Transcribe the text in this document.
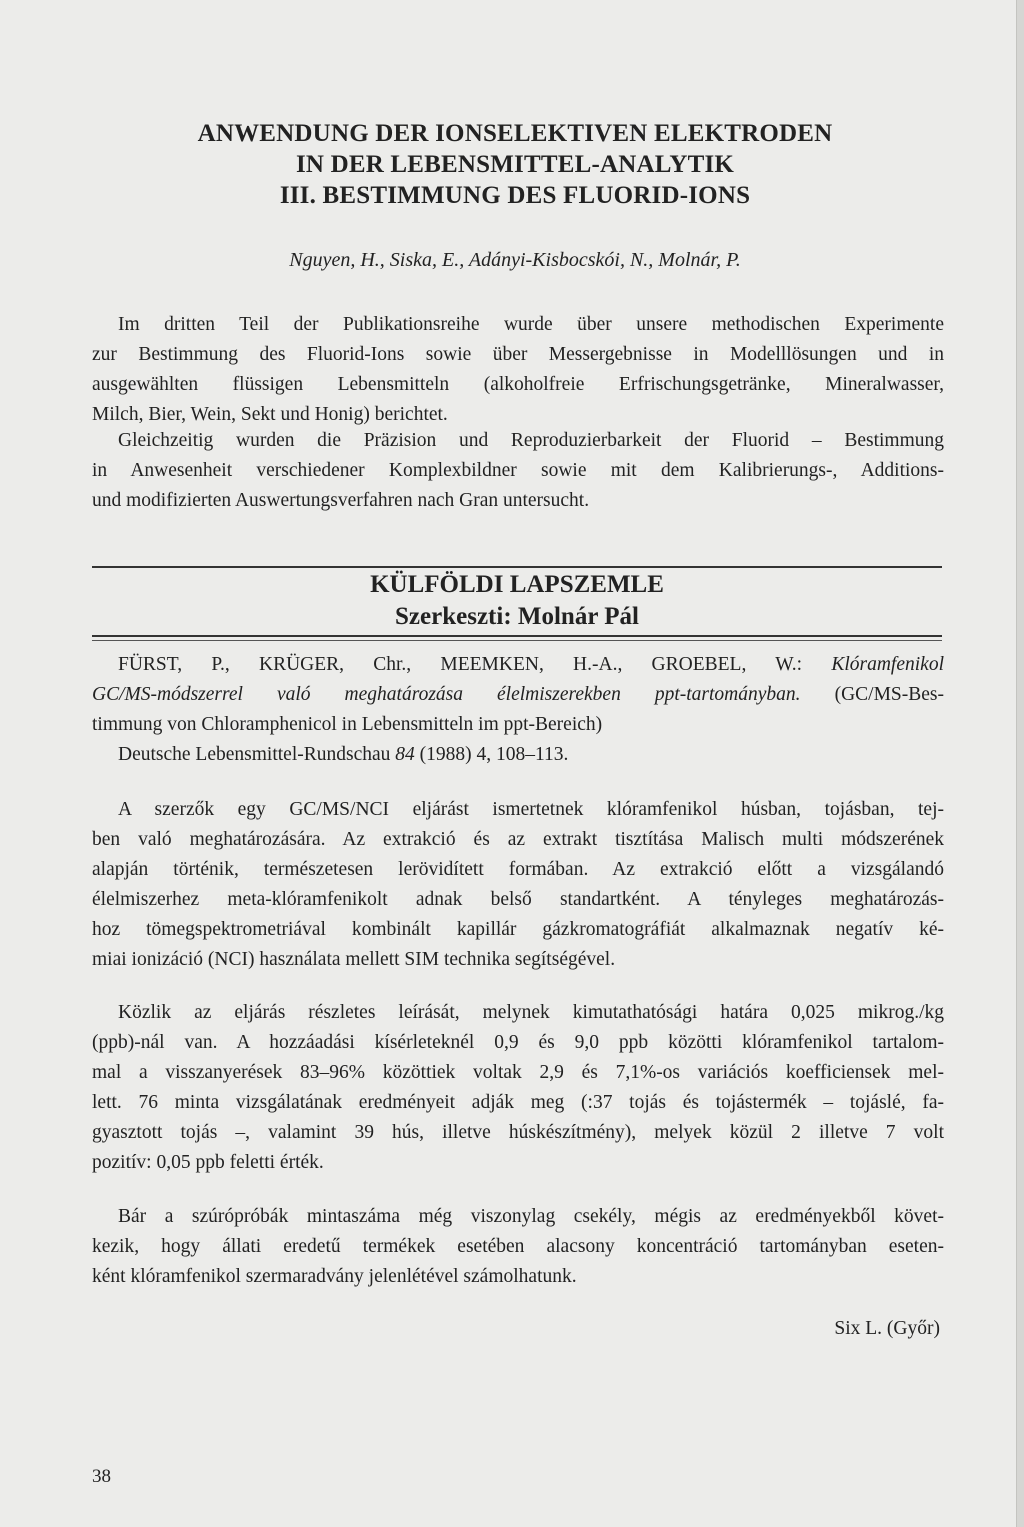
ANWENDUNG DER IONSELEKTIVEN ELEKTRODEN
IN DER LEBENSMITTEL-ANALYTIK
III. BESTIMMUNG DES FLUORID-IONS
Nguyen, H., Siska, E., Adányi-Kisbocskói, N., Molnár, P.
Im dritten Teil der Publikationsreihe wurde über unsere methodischen Experimente
zur Bestimmung des Fluorid-Ions sowie über Messergebnisse in Modelllösungen und in
ausgewählten flüssigen Lebensmitteln (alkoholfreie Erfrischungsgetränke, Mineralwasser,
Milch, Bier, Wein, Sekt und Honig) berichtet.
Gleichzeitig wurden die Präzision und Reproduzierbarkeit der Fluorid – Bestimmung
in Anwesenheit verschiedener Komplexbildner sowie mit dem Kalibrierungs-, Additions-
und modifizierten Auswertungsverfahren nach Gran untersucht.
KÜLFÖLDI LAPSZEMLE
Szerkeszti: Molnár Pál
FÜRST, P., KRÜGER, Chr., MEEMKEN, H.-A., GROEBEL, W.: Klóramfenikol
GC/MS-módszerrel való meghatározása élelmiszerekben ppt-tartományban. (GC/MS-Bes-
timmung von Chloramphenicol in Lebensmitteln im ppt-Bereich)
Deutsche Lebensmittel-Rundschau 84 (1988) 4, 108–113.
A szerzők egy GC/MS/NCI eljárást ismertetnek klóramfenikol húsban, tojásban, tej-
ben való meghatározására. Az extrakció és az extrakt tisztítása Malisch multi módszerének
alapján történik, természetesen lerövidített formában. Az extrakció előtt a vizsgálandó
élelmiszerhez meta-klóramfenikolt adnak belső standartként. A tényleges meghatározás-
hoz tömegspektrometriával kombinált kapillár gázkromatográfiát alkalmaznak negatív ké-
miai ionizáció (NCI) használata mellett SIM technika segítségével.
Közlik az eljárás részletes leírását, melynek kimutathatósági határa 0,025 mikrog./kg
(ppb)-nál van. A hozzáadási kísérleteknél 0,9 és 9,0 ppb közötti klóramfenikol tartalom-
mal a visszanyerések 83–96% közöttiek voltak 2,9 és 7,1%-os variációs koefficiensek mel-
lett. 76 minta vizsgálatának eredményeit adják meg (:37 tojás és tojástermék – tojáslé, fa-
gyasztott tojás –, valamint 39 hús, illetve húskészítmény), melyek közül 2 illetve 7 volt
pozitív: 0,05 ppb feletti érték.
Bár a szúrópróbák mintaszáma még viszonylag csekély, mégis az eredményekből követ-
kezik, hogy állati eredetű termékek esetében alacsony koncentráció tartományban eseten-
ként klóramfenikol szermaradvány jelenlétével számolhatunk.
Six L. (Győr)
38
